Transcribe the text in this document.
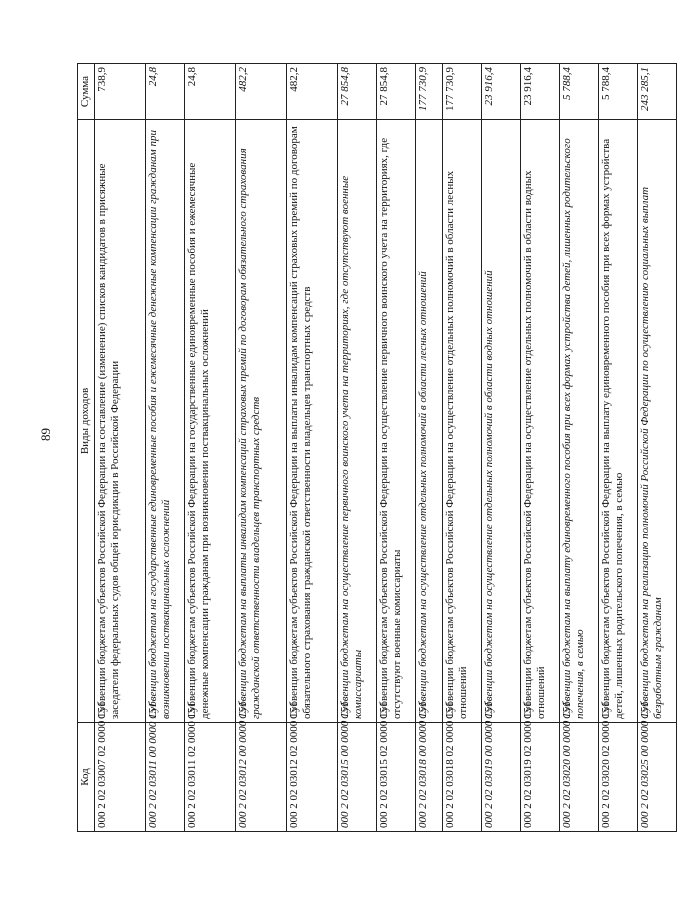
89
Код	Виды доходов	Сумма
000 2 02 03007 02 0000 151	Субвенции бюджетам субъектов Российской Федерации на составление (изменение) списков кандидатов в присяжные заседатели федеральных судов общей юрисдикции в Российской Федерации	738,9
000 2 02 03011 00 0000 151	Субвенции бюджетам на государственные единовременные пособия и ежемесячные денежные компенсации гражданам при возникновении поствакцинальных осложнений	24,8
000 2 02 03011 02 0000 151	Субвенции бюджетам субъектов Российской Федерации на государственные единовременные пособия и ежемесячные денежные компенсации гражданам при возникновении поствакцинальных осложнений	24,8
000 2 02 03012 00 0000 151	Субвенции бюджетам на выплаты инвалидам компенсаций страховых премий по договорам обязательного страхования гражданской ответственности владельцев транспортных средств	482,2
000 2 02 03012 02 0000 151	Субвенции бюджетам субъектов Российской Федерации на выплаты инвалидам компенсаций страховых премий по договорам обязательного страхования гражданской ответственности владельцев транспортных средств	482,2
000 2 02 03015 00 0000 151	Субвенции бюджетам на осуществление первичного воинского учета на территориях, где отсутствуют военные комиссариаты	27 854,8
000 2 02 03015 02 0000 151	Субвенции бюджетам субъектов Российской Федерации на осуществление первичного воинского учета на территориях, где отсутствуют военные комиссариаты	27 854,8
000 2 02 03018 00 0000 151	Субвенции бюджетам на осуществление отдельных полномочий в области лесных отношений	177 730,9
000 2 02 03018 02 0000 151	Субвенции бюджетам субъектов Российской Федерации на осуществление отдельных полномочий в области лесных отношений	177 730,9
000 2 02 03019 00 0000 151	Субвенции бюджетам на осуществление отдельных полномочий в области водных отношений	23 916,4
000 2 02 03019 02 0000 151	Субвенции бюджетам субъектов Российской Федерации на осуществление отдельных полномочий в области водных отношений	23 916,4
000 2 02 03020 00 0000 151	Субвенции бюджетам на выплату единовременного пособия при всех формах устройства детей, лишенных родительского попечения, в семью	5 788,4
000 2 02 03020 02 0000 151	Субвенции бюджетам субъектов Российской Федерации на выплату единовременного пособия при всех формах устройства детей, лишенных родительского попечения, в семью	5 788,4
000 2 02 03025 00 0000 151	Субвенции бюджетам на реализацию полномочий Российской Федерации по осуществлению социальных выплат безработным гражданам	243 285,1
